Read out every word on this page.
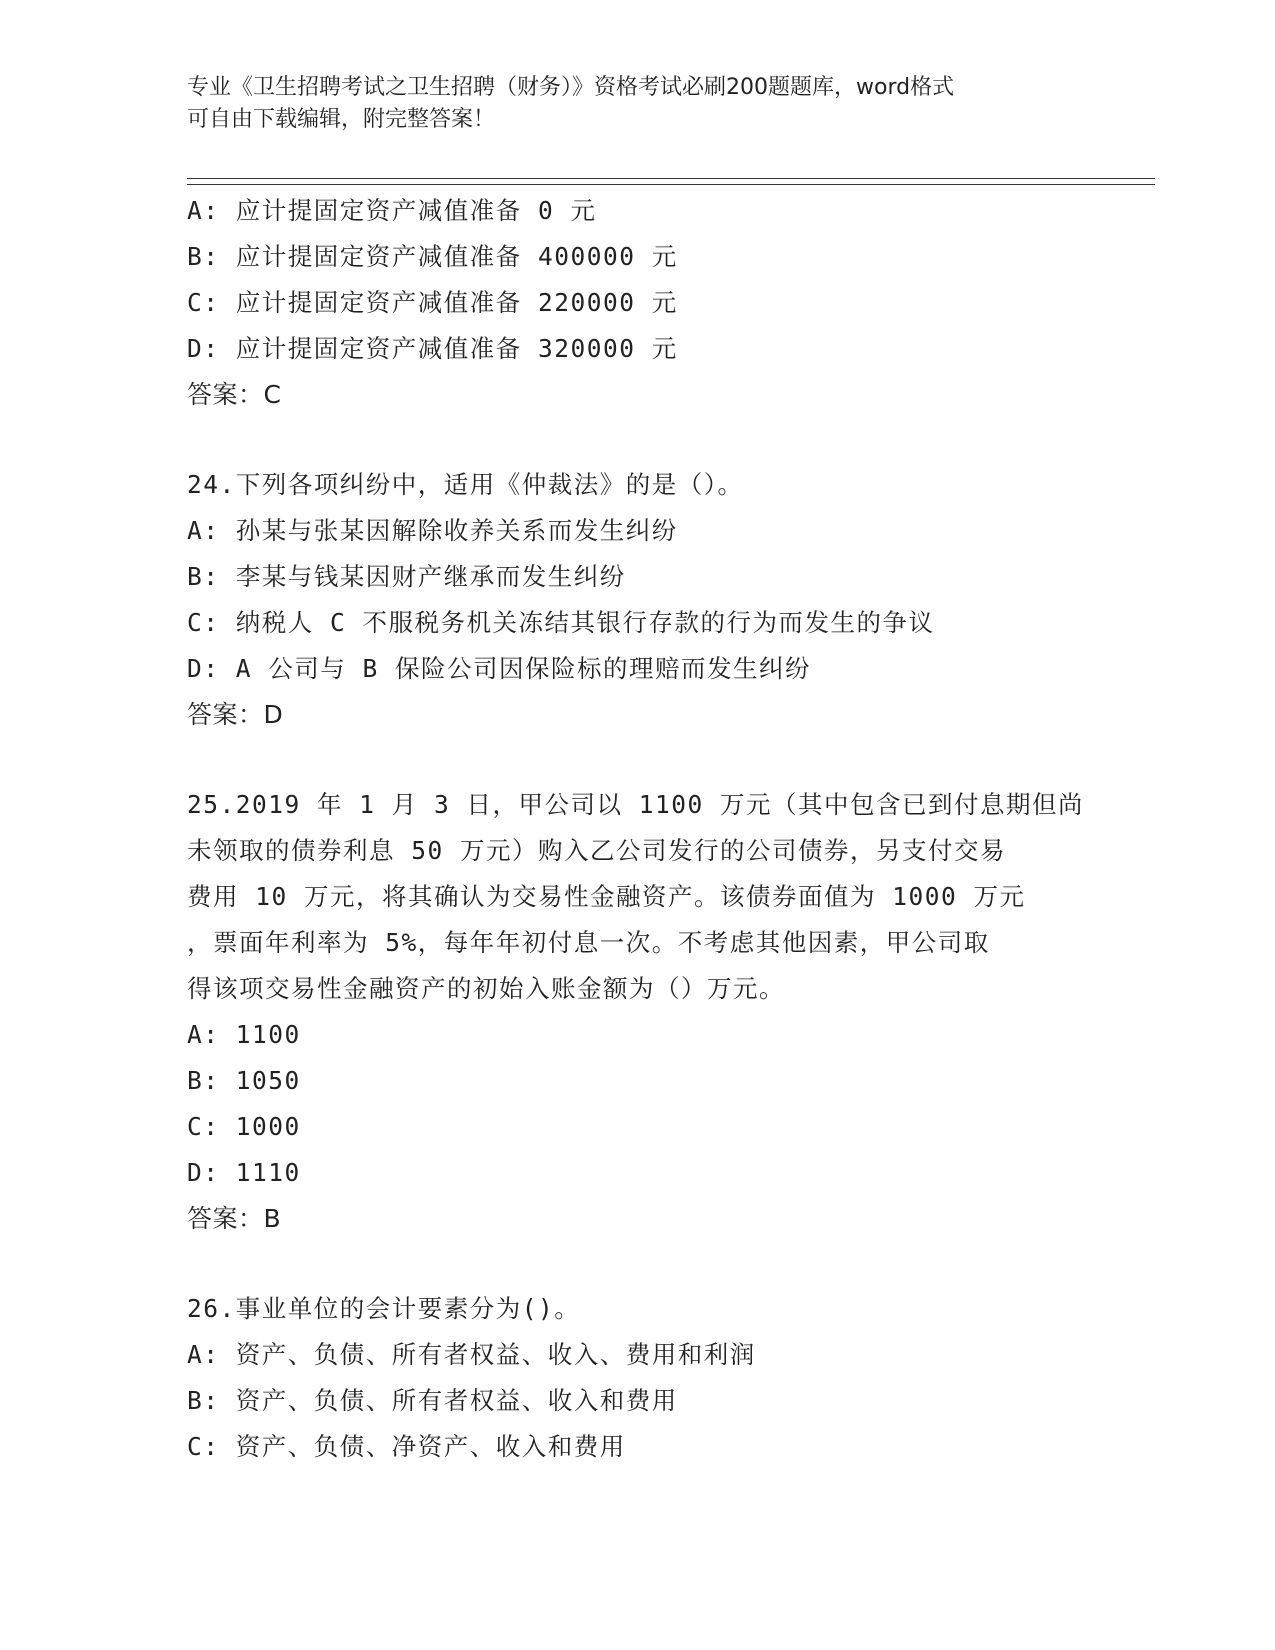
专业《卫生招聘考试之卫生招聘（财务）》资格考试必刷200题题库，word格式
可自由下载编辑，附完整答案！
A: 应计提固定资产减值准备 0 元
B: 应计提固定资产减值准备 400000 元
C: 应计提固定资产减值准备 220000 元
D: 应计提固定资产减值准备 320000 元
答案：C
24.下列各项纠纷中，适用《仲裁法》的是（）。
A: 孙某与张某因解除收养关系而发生纠纷
B: 李某与钱某因财产继承而发生纠纷
C: 纳税人 C 不服税务机关冻结其银行存款的行为而发生的争议
D: A 公司与 B 保险公司因保险标的理赔而发生纠纷
答案：D
25.2019 年 1 月 3 日，甲公司以 1100 万元（其中包含已到付息期但尚
未领取的债券利息 50 万元）购入乙公司发行的公司债券，另支付交易
费用 10 万元，将其确认为交易性金融资产。该债券面值为 1000 万元
，票面年利率为 5%，每年年初付息一次。不考虑其他因素，甲公司取
得该项交易性金融资产的初始入账金额为（）万元。
A: 1100
B: 1050
C: 1000
D: 1110
答案：B
26.事业单位的会计要素分为()。
A: 资产、负债、所有者权益、收入、费用和利润
B: 资产、负债、所有者权益、收入和费用
C: 资产、负债、净资产、收入和费用
